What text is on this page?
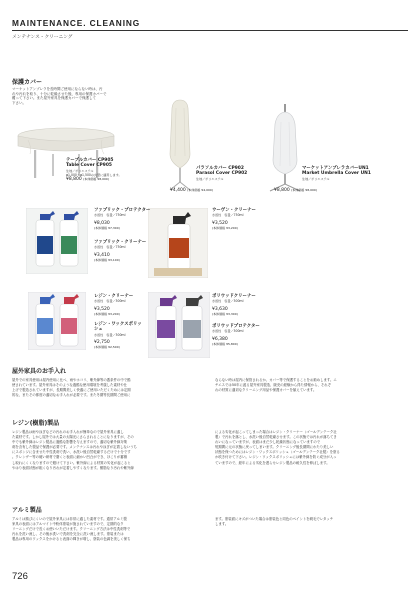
MAINTENANCE. CLEANING
メンテナンス・クリーニング
保護カバー
マーケットアンブレラを長時間ご使用にならない時は、汚
れや汚れを取り、十分に乾燥させた後、専用の保護カバーで
覆って下さい。また屋外家具を保護カバーで保護して
下さい。
テーブルカバー CP905
Table Cover CP905
生地／ポリエステル
φ1,000〜φ1,500の丸型に適用します。
¥8,800 (本体価格 ¥8,000)
パラソルカバー CP902
Parasol Cover CP902
生地／ポリエステル
¥4,400 (本体価格 ¥4,000)
マーケットアンブレラカバーUN1
Market Umbrella Cover UN1
生地／ポリエステル
¥8,800 (本体価格 ¥8,000)
ファブリック・プロテクター
水溶性　容量／750ml
¥8,030
(本体価格 ¥7,300)
ファブリック・クリーナー
水溶性　容量／750ml
¥3,410
(本体価格 ¥3,100)
ウーヴン・クリーナー
水溶性　容量／750ml
¥3,520
(本体価格 ¥3,200)
レジン・クリーナー
水溶性　容量／500ml
¥3,520
(本体価格 ¥3,200)
レジン・ワックスポリッシュ
水溶性　容量／500ml
¥2,750
(本体価格 ¥2,500)
ポリウッドクリーナー
水溶性　容量／500ml
¥3,630
(本体価格 ¥3,300)
ポリウッドプロテクター
水溶性　容量／500ml
¥6,380
(本体価格 ¥5,800)
屋外家具のお手入れ
屋外での家具使用は屋内使用に比べ、雨やホコリ、紫外線等の悪条件の中で酷
使されています。屋外家具はそのような過酷な使用環境を考慮した素材や仕
上げで製造されていますが、長期間美しく快適にご使用いただくためには定期
的な、またその都度の適切なお手入れが必要です。また冬期等長期間ご使用に
ならない時は屋内に保管されるか、カバー等で保護することをお勧めします。ニ
チエスでは50年に渡る屋外家具製造、販売の経験から得た情報から、それぞ
れの材質に適切なクリーニング用品や保護カバーを揃えています。
レジン(樹脂)製品
レジン製品は雨や泳ぎなどの汚れのお手入れが簡単なので屋外家具に適し
た素材です。しかし屋外では大量の太陽光にさらされることになりますが、その
中でも紫外線はレジン製品に過酷な影響を与えますので、適切な紫外線対策
剤を含有した製品で保護が必要です。メンテナンスは汚れや泳ぎが定着しないうち
にスポンジに含ませた中性洗剤で洗い、水洗い後自然乾燥するだけで十分です
。クレンザー等の硬い研材で磨くと表面に細かい凹凸ができ、ほこりが蓄積
し取れにくくなりますので避けて下さい。紫外線による材質の劣化が起こると
やはり表面状態が粗くなり汚れが定着しやすくなります。樹脂なり汚れや紫外線
による劣化が起こってしまった場合はレジン・クリーナー（ゴールデンテーク社
製）で汚れを落とし、水洗い後自然乾燥させます。この状態では汚れが落ちてき
れいになっていますが、表面はまだ少し乾燥状態になっていますので
短期間に元の状態に戻ってしまいます。クリーニング後長期間にわたり美しい
状態を保つためにはレジン・ワックスポリッシュ（ゴールデンテーク社製）を塗る
か吹き付けて下さい。レジン・ワックスポリッシュには紫外線を防ぐ成分が入っ
ていますので、経年による劣化を遅らせレジン製品の耐久性を伸ばします。
アルミ製品
アルミは錆びにくいので屋外家具には非常に適した素材です。通常アルミ製
家具の表面にはアルマイト中粉体塗装が施されていますので、定期的なク
リーニングだけで長くお使いいただけます。クリーニング方法は中性洗剤等で
汚れを洗い流し、その後水洗いで洗剤を完全に洗い流します。塗装または
製品は専用のワックスをかけると表面の輝きが増し、塗装の色調を美しく保ち
ます。塗装面にキズがついた場合は塗装色と同色のペイントを刷毛でレタッチ
します。
726
